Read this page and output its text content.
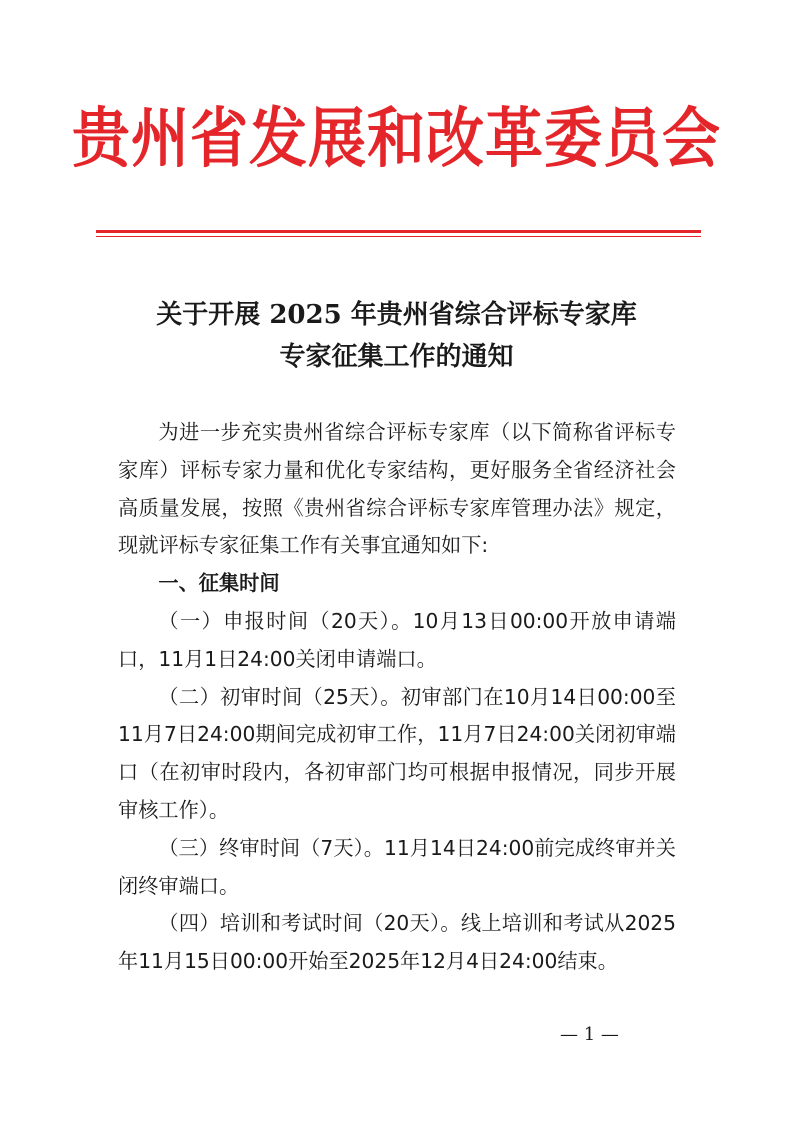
贵州省发展和改革委员会
关于开展 2025 年贵州省综合评标专家库
专家征集工作的通知

为进一步充实贵州省综合评标专家库（以下简称省评标专家库）评标专家力量和优化专家结构，更好服务全省经济社会高质量发展，按照《贵州省综合评标专家库管理办法》规定，现就评标专家征集工作有关事宜通知如下:

一、征集时间

（一）申报时间（20天）。10月13日00:00开放申请端口，11月1日24:00关闭申请端口。

（二）初审时间（25天）。初审部门在10月14日00:00至11月7日24:00期间完成初审工作，11月7日24:00关闭初审端口（在初审时段内，各初审部门均可根据申报情况，同步开展审核工作）。

（三）终审时间（7天）。11月14日24:00前完成终审并关闭终审端口。

（四）培训和考试时间（20天）。线上培训和考试从2025年11月15日00:00开始至2025年12月4日24:00结束。

— 1 —
